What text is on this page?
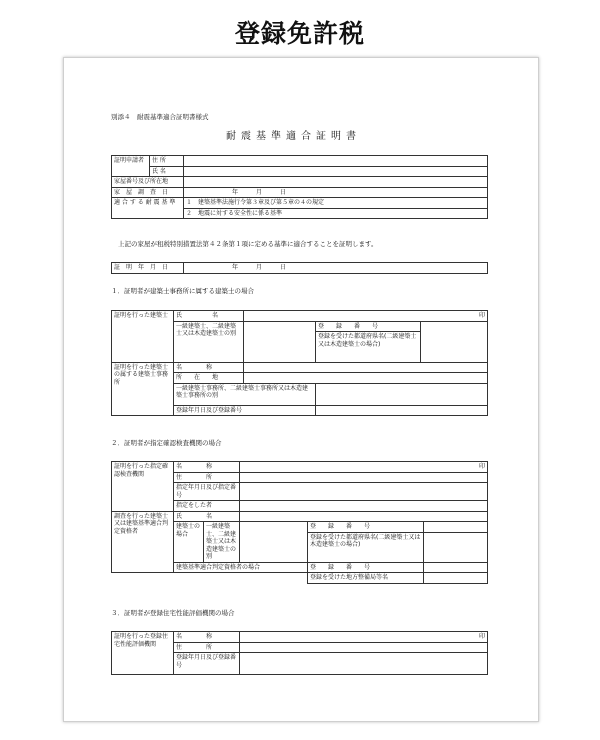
登録免許税
別添４　耐震基準適合証明書様式
耐震基準適合証明書
証明申請者	住 所	
	氏 名	
家屋番号及び所在地		
家　屋　調　査　日		年　　　月　　　日
適 合 す る 耐 震 基 準		１　建築基準法施行令第３章及び第５章の４の規定
		２　地震に対する安全性に係る基準
上記の家屋が租税特別措置法第４２条第１項に定める基準に適合することを証明します。
証　明　年　月　日	年　　　月　　　日
１．証明者が建築士事務所に属する建築士の場合
証明を行った建築士	氏　　　　　名	印		
	一級建築士、二級建築士又は木造建築士の別		登　　録　　番　　号
登録を受けた都道府県名(二級建築士又は木造建築士の場合)	

証明を行った建築士の属する建築士事務所	名　　　　称			
	所　　在　　地			
	一級建築士事務所、二級建築士事務所又は木造建築士事務所の別			
	登録年月日及び登録番号			
２．証明者が指定確認検査機関の場合
証明を行った指定確認検査機関	名　　　　称		印		
	住　　　　所				
	指定年月日及び指定番号				
	指定をした者				
調査を行った建築士又は建築基準適合判定資格者	氏　　　　名				
	建築士の場合	一級建築士、二級建築士又は木造建築士の別		登　　録　　番　　号	
				登録を受けた都道府県名(二級建築士又は木造建築士の場合)	

	建築基準適合判定資格者の場合			登　　録　　番　　号	
				登録を受けた地方整備局等名	
３．証明者が登録住宅性能評価機関の場合
証明を行った登録住宅性能評価機関	名　　　　称	印
	住　　　　所	
	登録年月日及び登録番号	
